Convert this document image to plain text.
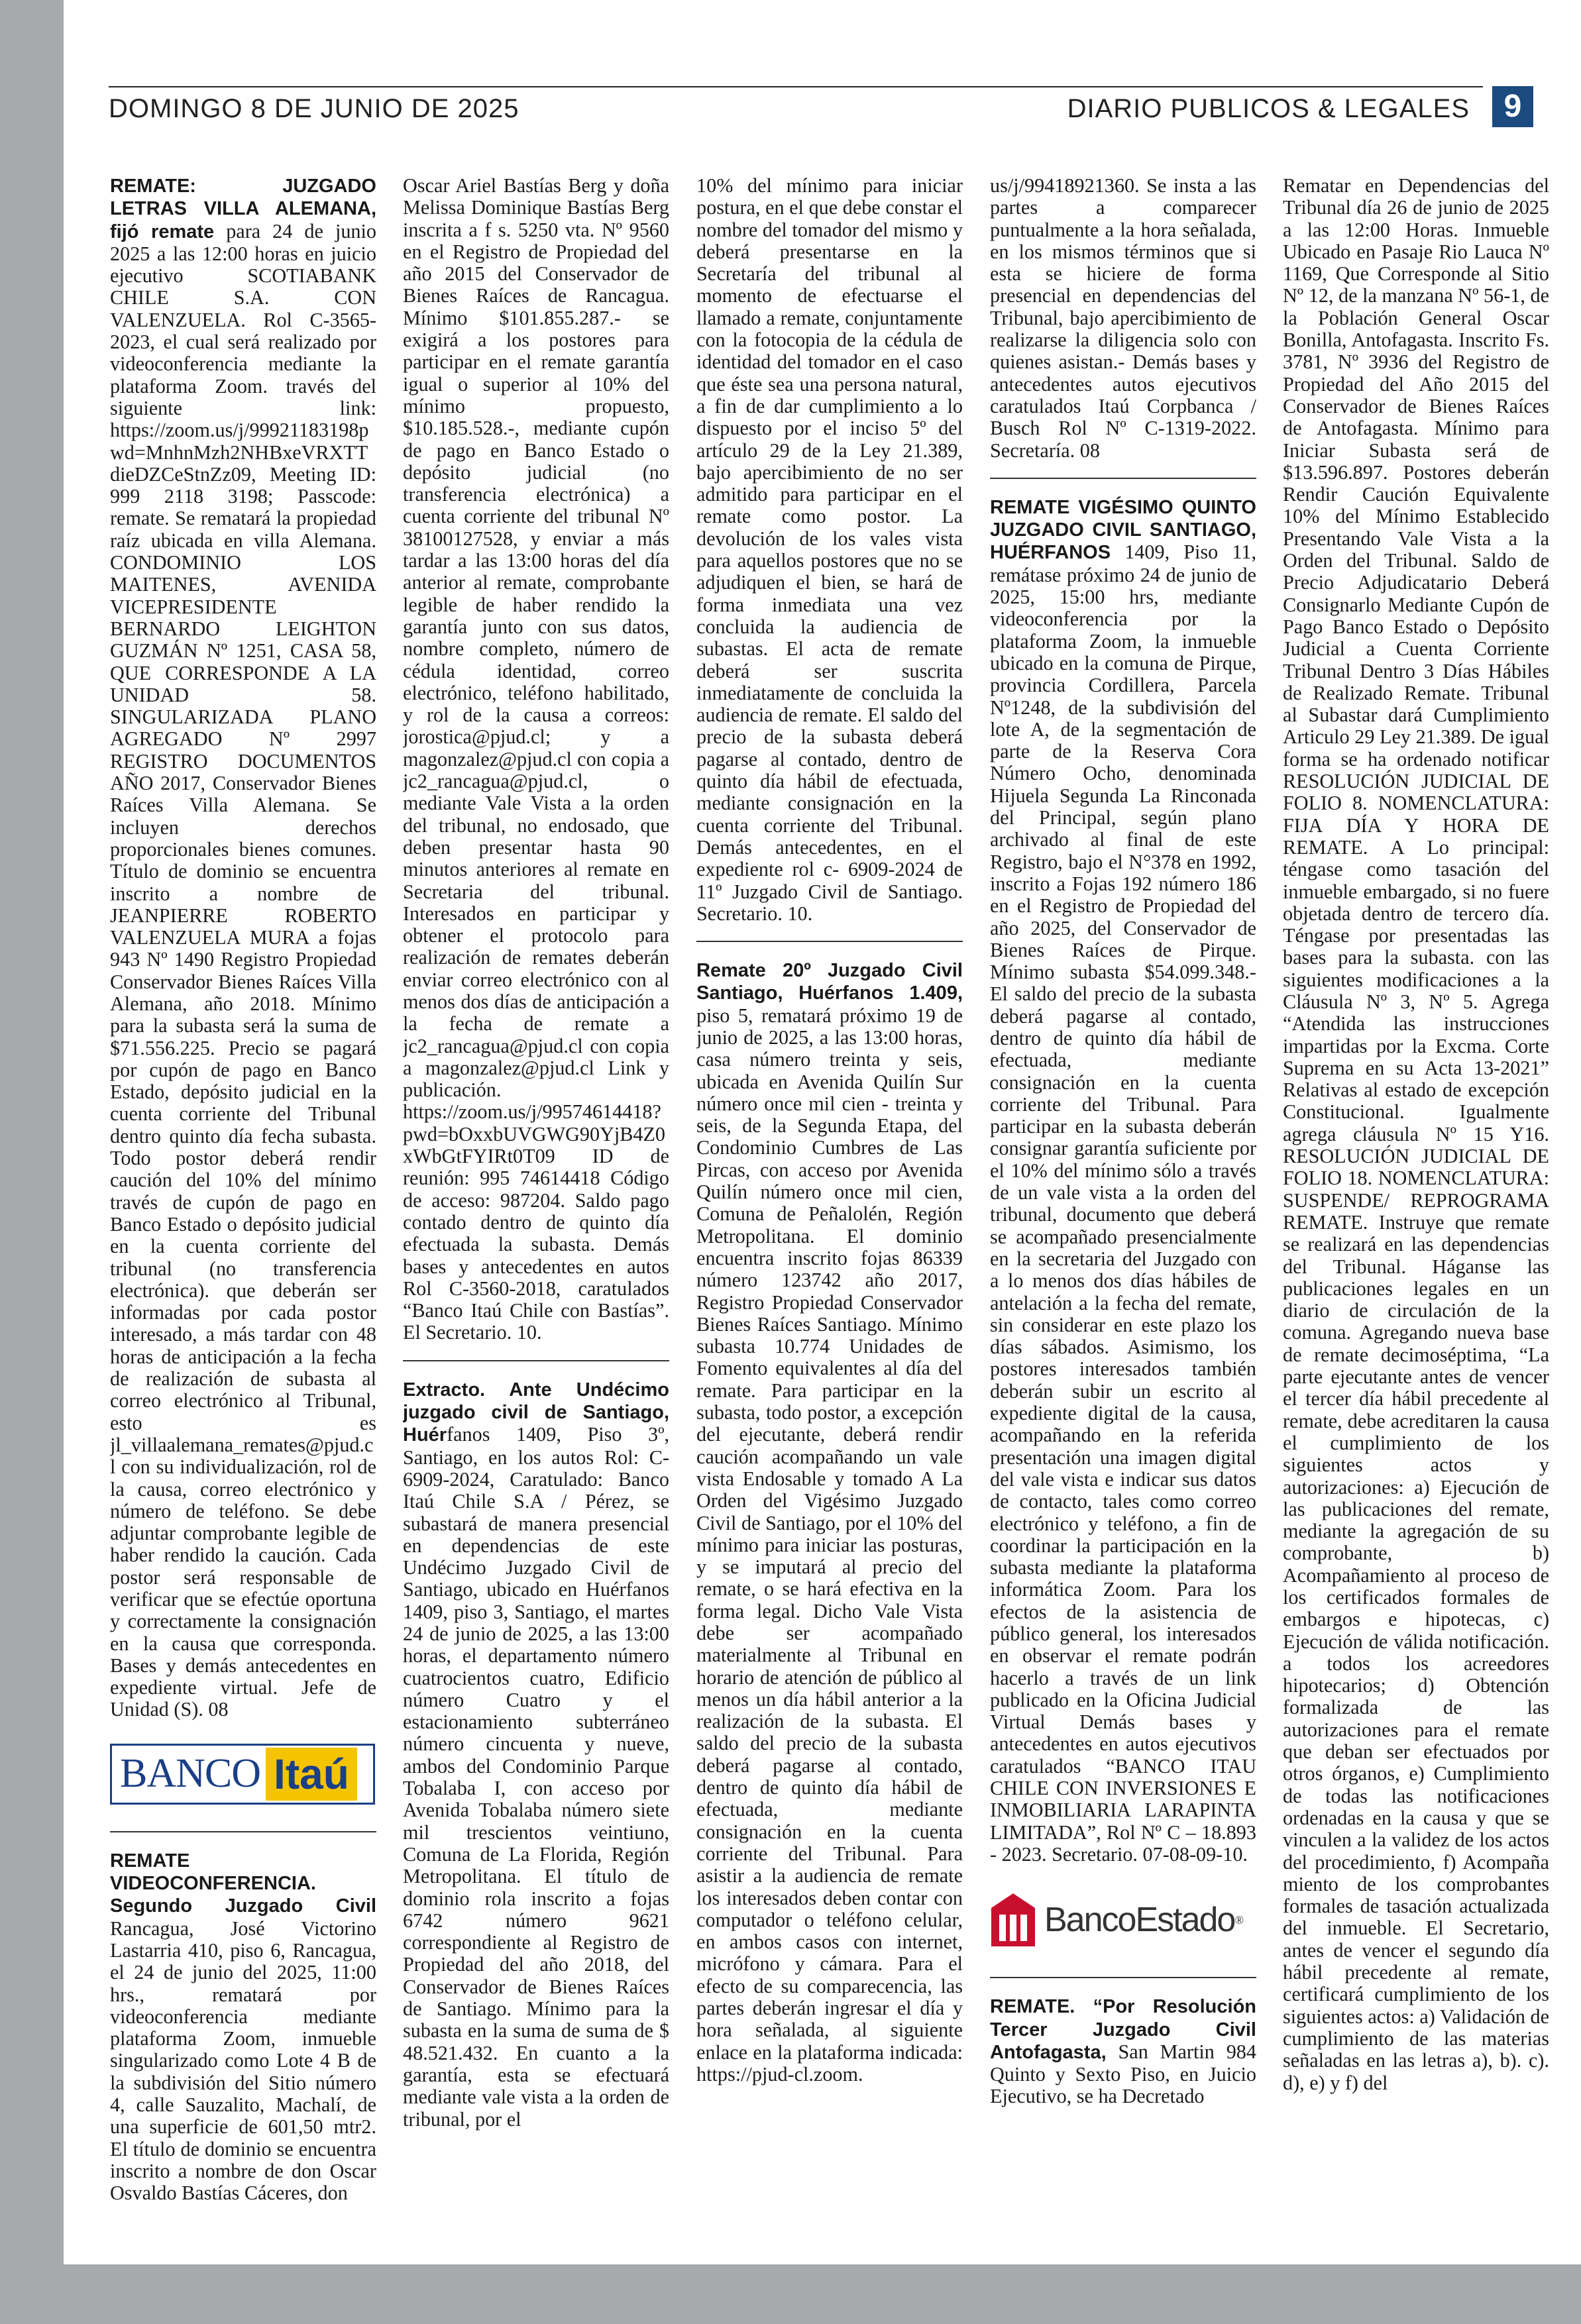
DOMINGO 8 DE JUNIO DE 2025	DIARIO PUBLICOS & LEGALES	9

REMATE: JUZGADO LETRAS VILLA ALEMANA, fijó remate para 24 de junio 2025 a las 12:00 horas en juicio ejecutivo SCOTIABANK CHILE S.A. CON VALENZUELA. Rol C-3565-2023, el cual será realizado por videoconferencia mediante la plataforma Zoom. través del siguiente link: https://zoom.us/j/99921183198pwd=MnhnMzh2NHBxeVRXTTdieDZCeStnZz09, Meeting ID: 999 2118 3198; Passcode: remate. Se rematará la propiedad raíz ubicada en villa Alemana. CONDOMINIO LOS MAITENES, AVENIDA VICEPRESIDENTE BERNARDO LEIGHTON GUZMÁN Nº 1251, CASA 58, QUE CORRESPONDE A LA UNIDAD 58. SINGULARIZADA PLANO AGREGADO Nº 2997 REGISTRO DOCUMENTOS AÑO 2017, Conservador Bienes Raíces Villa Alemana. Se incluyen derechos proporcionales bienes comunes. Título de dominio se encuentra inscrito a nombre de JEANPIERRE ROBERTO VALENZUELA MURA a fojas 943 Nº 1490 Registro Propiedad Conservador Bienes Raíces Villa Alemana, año 2018. Mínimo para la subasta será la suma de $71.556.225. Precio se pagará por cupón de pago en Banco Estado, depósito judicial en la cuenta corriente del Tribunal dentro quinto día fecha subasta. Todo postor deberá rendir caución del 10% del mínimo través de cupón de pago en Banco Estado o depósito judicial en la cuenta corriente del tribunal (no transferencia electrónica). que deberán ser informadas por cada postor interesado, a más tardar con 48 horas de anticipación a la fecha de realización de subasta al correo electrónico al Tribunal, esto es jl_villaalemana_remates@pjud.cl con su individualización, rol de la causa, correo electrónico y número de teléfono. Se debe adjuntar comprobante legible de haber rendido la caución. Cada postor será responsable de verificar que se efectúe oportuna y correctamente la consignación en la causa que corresponda. Bases y demás antecedentes en expediente virtual. Jefe de Unidad (S). 08

BANCO Itaú

REMATE VIDEOCONFERENCIA. Segundo Juzgado Civil Rancagua, José Victorino Lastarria 410, piso 6, Rancagua, el 24 de junio del 2025, 11:00 hrs., rematará por videoconferencia mediante plataforma Zoom, inmueble singularizado como Lote 4 B de la subdivisión del Sitio número 4, calle Sauzalito, Machalí, de una superficie de 601,50 mtr2. El título de dominio se encuentra inscrito a nombre de don Oscar Osvaldo Bastías Cáceres, don

Oscar Ariel Bastías Berg y doña Melissa Dominique Bastías Berg inscrita a f s. 5250 vta. Nº 9560 en el Registro de Propiedad del año 2015 del Conservador de Bienes Raíces de Rancagua. Mínimo $101.855.287.- se exigirá a los postores para participar en el remate garantía igual o superior al 10% del mínimo propuesto, $10.185.528.-, mediante cupón de pago en Banco Estado o depósito judicial (no transferencia electrónica) a cuenta corriente del tribunal Nº 38100127528, y enviar a más tardar a las 13:00 horas del día anterior al remate, comprobante legible de haber rendido la garantía junto con sus datos, nombre completo, número de cédula identidad, correo electrónico, teléfono habilitado, y rol de la causa a correos: jorostica@pjud.cl; y a magonzalez@pjud.cl con copia a jc2_rancagua@pjud.cl, o mediante Vale Vista a la orden del tribunal, no endosado, que deben presentar hasta 90 minutos anteriores al remate en Secretaria del tribunal. Interesados en participar y obtener el protocolo para realización de remates deberán enviar correo electrónico con al menos dos días de anticipación a la fecha de remate a jc2_rancagua@pjud.cl con copia a magonzalez@pjud.cl Link y publicación. https://zoom.us/j/99574614418?pwd=bOxxbUVGWG90YjB4Z0xWbGtFYIRt0T09 ID de reunión: 995 74614418 Código de acceso: 987204. Saldo pago contado dentro de quinto día efectuada la subasta. Demás bases y antecedentes en autos Rol C-3560-2018, caratulados “Banco Itaú Chile con Bastías”. El Secretario. 10.

Extracto. Ante Undécimo juzgado civil de Santiago, Huérfanos 1409, Piso 3º, Santiago, en los autos Rol: C-6909-2024, Caratulado: Banco Itaú Chile S.A / Pérez, se subastará de manera presencial en dependencias de este Undécimo Juzgado Civil de Santiago, ubicado en Huérfanos 1409, piso 3, Santiago, el martes 24 de junio de 2025, a las 13:00 horas, el departamento número cuatrocientos cuatro, Edificio número Cuatro y el estacionamiento subterráneo número cincuenta y nueve, ambos del Condominio Parque Tobalaba I, con acceso por Avenida Tobalaba número siete mil trescientos veintiuno, Comuna de La Florida, Región Metropolitana. El título de dominio rola inscrito a fojas 6742 número 9621 correspondiente al Registro de Propiedad del año 2018, del Conservador de Bienes Raíces de Santiago. Mínimo para la subasta en la suma de suma de $ 48.521.432. En cuanto a la garantía, esta se efectuará mediante vale vista a la orden de tribunal, por el

10% del mínimo para iniciar postura, en el que debe constar el nombre del tomador del mismo y deberá presentarse en la Secretaría del tribunal al momento de efectuarse el llamado a remate, conjuntamente con la fotocopia de la cédula de identidad del tomador en el caso que éste sea una persona natural, a fin de dar cumplimiento a lo dispuesto por el inciso 5º del artículo 29 de la Ley 21.389, bajo apercibimiento de no ser admitido para participar en el remate como postor. La devolución de los vales vista para aquellos postores que no se adjudiquen el bien, se hará de forma inmediata una vez concluida la audiencia de subastas. El acta de remate deberá ser suscrita inmediatamente de concluida la audiencia de remate. El saldo del precio de la subasta deberá pagarse al contado, dentro de quinto día hábil de efectuada, mediante consignación en la cuenta corriente del Tribunal. Demás antecedentes, en el expediente rol c- 6909-2024 de 11º Juzgado Civil de Santiago. Secretario. 10.

Remate 20º Juzgado Civil Santiago, Huérfanos 1.409, piso 5, rematará próximo 19 de junio de 2025, a las 13:00 horas, casa número treinta y seis, ubicada en Avenida Quilín Sur número once mil cien - treinta y seis, de la Segunda Etapa, del Condominio Cumbres de Las Pircas, con acceso por Avenida Quilín número once mil cien, Comuna de Peñalolén, Región Metropolitana. El dominio encuentra inscrito fojas 86339 número 123742 año 2017, Registro Propiedad Conservador Bienes Raíces Santiago. Mínimo subasta 10.774 Unidades de Fomento equivalentes al día del remate. Para participar en la subasta, todo postor, a excepción del ejecutante, deberá rendir caución acompañando un vale vista Endosable y tomado A La Orden del Vigésimo Juzgado Civil de Santiago, por el 10% del mínimo para iniciar las posturas, y se imputará al precio del remate, o se hará efectiva en la forma legal. Dicho Vale Vista debe ser acompañado materialmente al Tribunal en horario de atención de público al menos un día hábil anterior a la realización de la subasta. El saldo del precio de la subasta deberá pagarse al contado, dentro de quinto día hábil de efectuada, mediante consignación en la cuenta corriente del Tribunal. Para asistir a la audiencia de remate los interesados deben contar con computador o teléfono celular, en ambos casos con internet, micrófono y cámara. Para el efecto de su comparecencia, las partes deberán ingresar el día y hora señalada, al siguiente enlace en la plataforma indicada: https://pjud-cl.zoom.

us/j/99418921360. Se insta a las partes a comparecer puntualmente a la hora señalada, en los mismos términos que si esta se hiciere de forma presencial en dependencias del Tribunal, bajo apercibimiento de realizarse la diligencia solo con quienes asistan.- Demás bases y antecedentes autos ejecutivos caratulados Itaú Corpbanca / Busch Rol Nº C-1319-2022. Secretaría. 08

REMATE VIGÉSIMO QUINTO JUZGADO CIVIL SANTIAGO, HUÉRFANOS 1409, Piso 11, remátase próximo 24 de junio de 2025, 15:00 hrs, mediante videoconferencia por la plataforma Zoom, la inmueble ubicado en la comuna de Pirque, provincia Cordillera, Parcela Nº1248, de la subdivisión del lote A, de la segmentación de parte de la Reserva Cora Número Ocho, denominada Hijuela Segunda La Rinconada del Principal, según plano archivado al final de este Registro, bajo el N°378 en 1992, inscrito a Fojas 192 número 186 en el Registro de Propiedad del año 2025, del Conservador de Bienes Raíces de Pirque. Mínimo subasta $54.099.348.- El saldo del precio de la subasta deberá pagarse al contado, dentro de quinto día hábil de efectuada, mediante consignación en la cuenta corriente del Tribunal. Para participar en la subasta deberán consignar garantía suficiente por el 10% del mínimo sólo a través de un vale vista a la orden del tribunal, documento que deberá se acompañado presencialmente en la secretaria del Juzgado con a lo menos dos días hábiles de antelación a la fecha del remate, sin considerar en este plazo los días sábados. Asimismo, los postores interesados también deberán subir un escrito al expediente digital de la causa, acompañando en la referida presentación una imagen digital del vale vista e indicar sus datos de contacto, tales como correo electrónico y teléfono, a fin de coordinar la participación en la subasta mediante la plataforma informática Zoom. Para los efectos de la asistencia de público general, los interesados en observar el remate podrán hacerlo a través de un link publicado en la Oficina Judicial Virtual Demás bases y antecedentes en autos ejecutivos caratulados “BANCO ITAU CHILE CON INVERSIONES E INMOBILIARIA LARAPINTA LIMITADA”, Rol Nº C – 18.893 - 2023. Secretario. 07-08-09-10.

BancoEstado ®

REMATE. “Por Resolución Tercer Juzgado Civil Antofagasta, San Martin 984 Quinto y Sexto Piso, en Juicio Ejecutivo, se ha Decretado

Rematar en Dependencias del Tribunal día 26 de junio de 2025 a las 12:00 Horas. Inmueble Ubicado en Pasaje Rio Lauca Nº 1169, Que Corresponde al Sitio Nº 12, de la manzana Nº 56-1, de la Población General Oscar Bonilla, Antofagasta. Inscrito Fs. 3781, Nº 3936 del Registro de Propiedad del Año 2015 del Conservador de Bienes Raíces de Antofagasta. Mínimo para Iniciar Subasta será de $13.596.897. Postores deberán Rendir Caución Equivalente 10% del Mínimo Establecido Presentando Vale Vista a la Orden del Tribunal. Saldo de Precio Adjudicatario Deberá Consignarlo Mediante Cupón de Pago Banco Estado o Depósito Judicial a Cuenta Corriente Tribunal Dentro 3 Días Hábiles de Realizado Remate. Tribunal al Subastar dará Cumplimiento Articulo 29 Ley 21.389. De igual forma se ha ordenado notificar RESOLUCIÓN JUDICIAL DE FOLIO 8. NOMENCLATURA: FIJA DÍA Y HORA DE REMATE. A Lo principal: téngase como tasación del inmueble embargado, si no fuere objetada dentro de tercero día. Téngase por presentadas las bases para la subasta. con las siguientes modificaciones a la Cláusula Nº 3, Nº 5. Agrega “Atendida las instrucciones impartidas por la Excma. Corte Suprema en su Acta 13-2021” Relativas al estado de excepción Constitucional. Igualmente agrega cláusula Nº 15 Y16. RESOLUCIÓN JUDICIAL DE FOLIO 18. NOMENCLATURA: SUSPENDE/ REPROGRAMA REMATE. Instruye que remate se realizará en las dependencias del Tribunal. Háganse las publicaciones legales en un diario de circulación de la comuna. Agregando nueva base de remate decimoséptima, “La parte ejecutante antes de vencer el tercer día hábil precedente al remate, debe acreditaren la causa el cumplimiento de los siguientes actos y autorizaciones: a) Ejecución de las publicaciones del remate, mediante la agregación de su comprobante, b) Acompañamiento al proceso de los certificados formales de embargos e hipotecas, c) Ejecución de válida notificación. a todos los acreedores hipotecarios; d) Obtención formalizada de las autorizaciones para el remate que deban ser efectuados por otros órganos, e) Cumplimiento de todas las notificaciones ordenadas en la causa y que se vinculen a la validez de los actos del procedimiento, f) Acompaña miento de los comprobantes formales de tasación actualizada del inmueble. El Secretario, antes de vencer el segundo día hábil precedente al remate, certificará cumplimiento de los siguientes actos: a) Validación de cumplimiento de las materias señaladas en las letras a), b). c). d), e) y f) del
